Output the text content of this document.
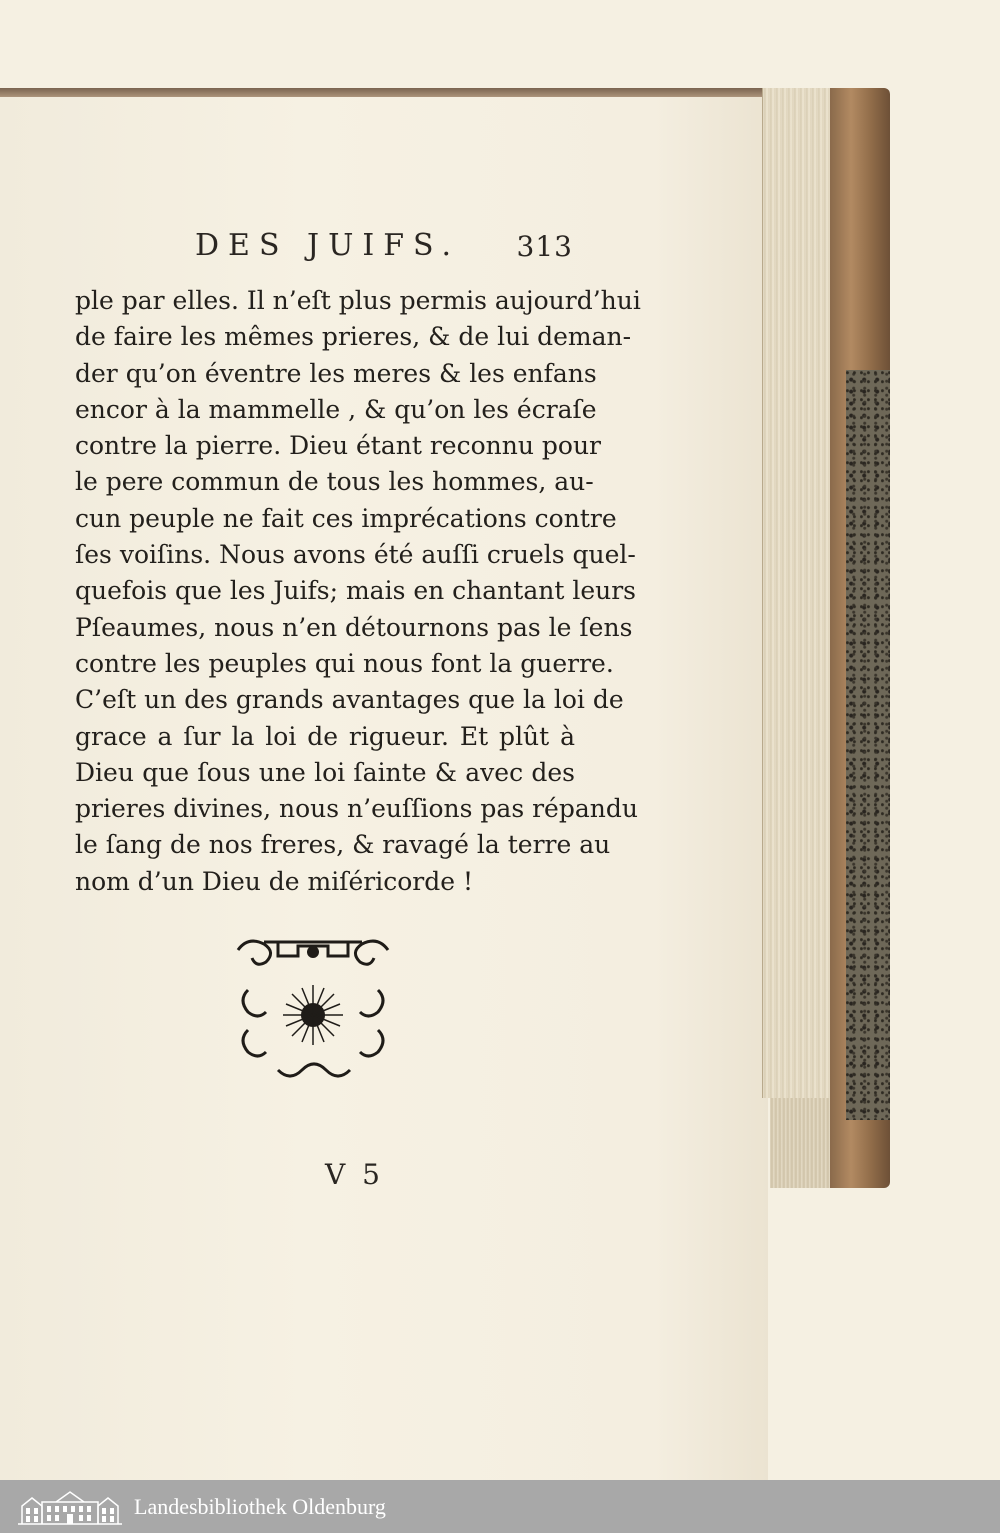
DES JUIFS. 313
ple par elles. Il n’eſt plus permis aujourd’hui
de faire les mêmes prieres, & de lui deman-
der qu’on éventre les meres & les enfans
encor à la mammelle , & qu’on les écraſe
contre la pierre. Dieu étant reconnu pour
le pere commun de tous les hommes, au-
cun peuple ne fait ces imprécations contre
ſes voiſins. Nous avons été auſſi cruels quel-
quefois que les Juifs; mais en chantant leurs
Pſeaumes, nous n’en détournons pas le ſens
contre les peuples qui nous font la guerre.
C’eſt un des grands avantages que la loi de
grace a ſur la loi de rigueur. Et plût à
Dieu que ſous une loi ſainte & avec des
prieres divines, nous n’euſſions pas répandu
le ſang de nos freres, & ravagé la terre au
nom d’un Dieu de miſéricorde !
V 5
Landesbibliothek Oldenburg
